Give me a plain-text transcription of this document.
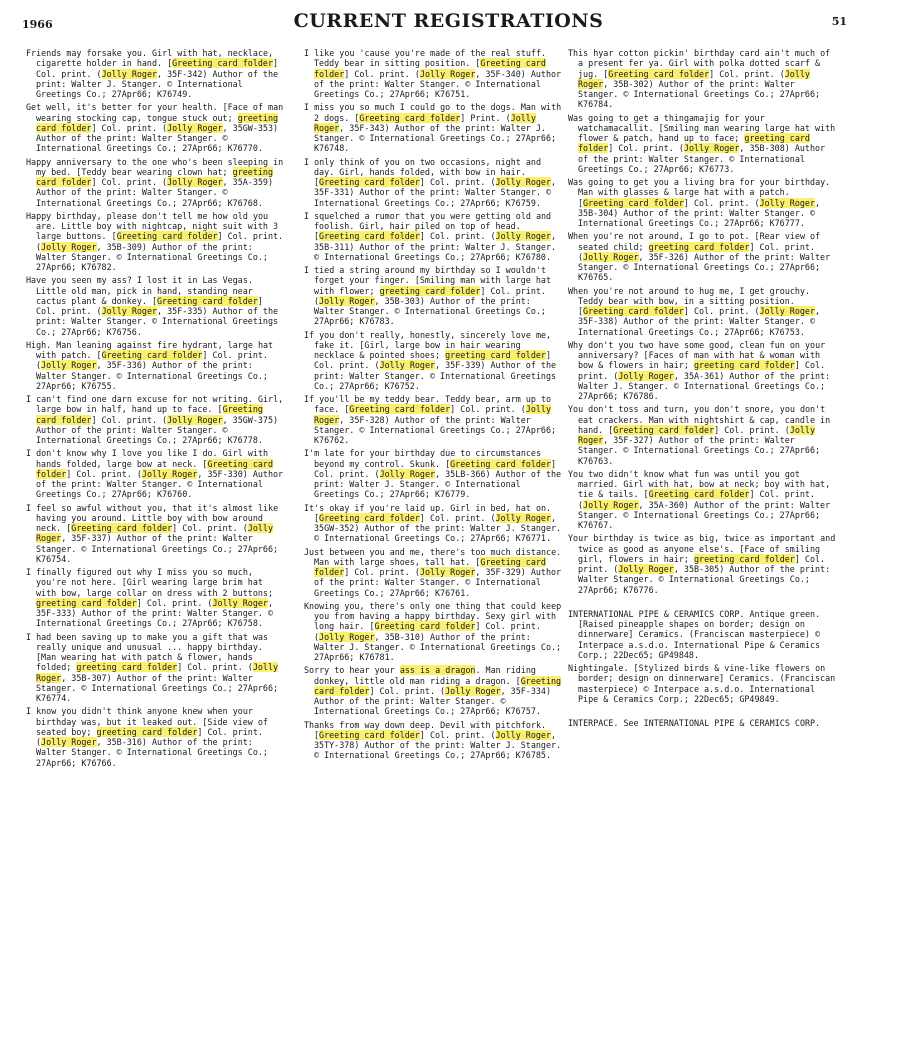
1966	CURRENT REGISTRATIONS	51

Friends may forsake you. Girl with hat, necklace, cigarette holder in hand. [Greeting card folder] Col. print. (Jolly Roger, 35F-342) Author of the print: Walter J. Stanger. © International Greetings Co.; 27Apr66; K76749.

Get well, it's better for your health. [Face of man wearing stocking cap, tongue stuck out; greeting card folder] Col. print. (Jolly Roger, 35GW-353) Author of the print: Walter Stanger. © International Greetings Co.; 27Apr66; K76770.

Happy anniversary to the one who's been sleeping in my bed. [Teddy bear wearing clown hat; greeting card folder] Col. print. (Jolly Roger, 35A-359) Author of the print: Walter Stanger. © International Greetings Co.; 27Apr66; K76768.

Happy birthday, please don't tell me how old you are. Little boy with nightcap, night suit with 3 large buttons. [Greeting card folder] Col. print. (Jolly Roger, 35B-309) Author of the print: Walter Stanger. © International Greetings Co.; 27Apr66; K76782.

Have you seen my ass? I lost it in Las Vegas. Little old man, pick in hand, standing near cactus plant & donkey. [Greeting card folder] Col. print. (Jolly Roger, 35F-335) Author of the print: Walter Stanger. © International Greetings Co.; 27Apr66; K76756.

High. Man leaning against fire hydrant, large hat with patch. [Greeting card folder] Col. print. (Jolly Roger, 35F-336) Author of the print: Walter Stanger. © International Greetings Co.; 27Apr66; K76755.

I can't find one darn excuse for not writing. Girl, large bow in half, hand up to face. [Greeting card folder] Col. print. (Jolly Roger, 35GW-375) Author of the print: Walter Stanger. © International Greetings Co.; 27Apr66; K76778.

I don't know why I love you like I do. Girl with hands folded, large bow at neck. [Greeting card folder] Col. print. (Jolly Roger, 35F-330) Author of the print: Walter Stanger. © International Greetings Co.; 27Apr66; K76760.

I feel so awful without you, that it's almost like having you around. Little boy with bow around neck. [Greeting card folder] Col. print. (Jolly Roger, 35F-337) Author of the print: Walter Stanger. © International Greetings Co.; 27Apr66; K76754.

I finally figured out why I miss you so much, you're not here. [Girl wearing large brim hat with bow, large collar on dress with 2 buttons; greeting card folder] Col. print. (Jolly Roger, 35F-333) Author of the print: Walter Stanger. © International Greetings Co.; 27Apr66; K76758.

I had been saving up to make you a gift that was really unique and unusual ... happy birthday. [Man wearing hat with patch & flower, hands folded; greeting card folder] Col. print. (Jolly Roger, 35B-307) Author of the print: Walter Stanger. © International Greetings Co.; 27Apr66; K76774.

I know you didn't think anyone knew when your birthday was, but it leaked out. [Side view of seated boy; greeting card folder] Col. print. (Jolly Roger, 35B-316) Author of the print: Walter Stanger. © International Greetings Co.; 27Apr66; K76766.

I like you 'cause you're made of the real stuff. Teddy bear in sitting position. [Greeting card folder] Col. print. (Jolly Roger, 35F-340) Author of the print: Walter Stanger. © International Greetings Co.; 27Apr66; K76751.

I miss you so much I could go to the dogs. Man with 2 dogs. [Greeting card folder] Print. (Jolly Roger, 35F-343) Author of the print: Walter J. Stanger. © International Greetings Co.; 27Apr66; K76748.

I only think of you on two occasions, night and day. Girl, hands folded, with bow in hair. [Greeting card folder] Col. print. (Jolly Roger, 35F-331) Author of the print: Walter Stanger. © International Greetings Co.; 27Apr66; K76759.

I squelched a rumor that you were getting old and foolish. Girl, hair piled on top of head. [Greeting card folder] Col. print. (Jolly Roger, 35B-311) Author of the print: Walter J. Stanger. © International Greetings Co.; 27Apr66; K76780.

I tied a string around my birthday so I wouldn't forget your finger. [Smiling man with large hat with flower; greeting card folder] Col. print. (Jolly Roger, 35B-303) Author of the print: Walter Stanger. © International Greetings Co.; 27Apr66; K76783.

If you don't really, honestly, sincerely love me, fake it. [Girl, large bow in hair wearing necklace & pointed shoes; greeting card folder] Col. print. (Jolly Roger, 35F-339) Author of the print: Walter Stanger. © International Greetings Co.; 27Apr66; K76752.

If you'll be my teddy bear. Teddy bear, arm up to face. [Greeting card folder] Col. print. (Jolly Roger, 35F-328) Author of the print: Walter Stanger. © International Greetings Co.; 27Apr66; K76762.

I'm late for your birthday due to circumstances beyond my control. Skunk. [Greeting card folder] Col. print. (Jolly Roger, 35LB-366) Author of the print: Walter J. Stanger. © International Greetings Co.; 27Apr66; K76779.

It's okay if you're laid up. Girl in bed, hat on. [Greeting card folder] Col. print. (Jolly Roger, 35GW-352) Author of the print: Walter J. Stanger. © International Greetings Co.; 27Apr66; K76771.

Just between you and me, there's too much distance. Man with large shoes, tall hat. [Greeting card folder] Col. print. (Jolly Roger, 35F-329) Author of the print: Walter Stanger. © International Greetings Co.; 27Apr66; K76761.

Knowing you, there's only one thing that could keep you from having a happy birthday. Sexy girl with long hair. [Greeting card folder] Col. print. (Jolly Roger, 35B-310) Author of the print: Walter J. Stanger. © International Greetings Co.; 27Apr66; K76781.

Sorry to hear your ass is a dragon. Man riding donkey, little old man riding a dragon. [Greeting card folder] Col. print. (Jolly Roger, 35F-334) Author of the print: Walter Stanger. © International Greetings Co.; 27Apr66; K76757.

Thanks from way down deep. Devil with pitchfork. [Greeting card folder] Col. print. (Jolly Roger, 35TY-378) Author of the print: Walter J. Stanger. © International Greetings Co.; 27Apr66; K76785.

This hyar cotton pickin' birthday card ain't much of a present fer ya. Girl with polka dotted scarf & jug. [Greeting card folder] Col. print. (Jolly Roger, 35B-302) Author of the print: Walter Stanger. © International Greetings Co.; 27Apr66; K76784.

Was going to get a thingamajig for your watchamacallit. [Smiling man wearing large hat with flower & patch, hand up to face; greeting card folder] Col. print. (Jolly Roger, 35B-308) Author of the print: Walter Stanger. © International Greetings Co.; 27Apr66; K76773.

Was going to get you a living bra for your birthday. Man with glasses & large hat with a patch. [Greeting card folder] Col. print. (Jolly Roger, 35B-304) Author of the print: Walter Stanger. © International Greetings Co.; 27Apr66; K76777.

When you're not around, I go to pot. [Rear view of seated child; greeting card folder] Col. print. (Jolly Roger, 35F-326) Author of the print: Walter Stanger. © International Greetings Co.; 27Apr66; K76765.

When you're not around to hug me, I get grouchy. Teddy bear with bow, in a sitting position. [Greeting card folder] Col. print. (Jolly Roger, 35F-338) Author of the print: Walter Stanger. © International Greetings Co.; 27Apr66; K76753.

Why don't you two have some good, clean fun on your anniversary? [Faces of man with hat & woman with bow & flowers in hair; greeting card folder] Col. print. (Jolly Roger, 35A-361) Author of the print: Walter J. Stanger. © International Greetings Co.; 27Apr66; K76786.

You don't toss and turn, you don't snore, you don't eat crackers. Man with nightshirt & cap, candle in hand. [Greeting card folder] Col. print. (Jolly Roger, 35F-327) Author of the print: Walter Stanger. © International Greetings Co.; 27Apr66; K76763.

You two didn't know what fun was until you got married. Girl with hat, bow at neck; boy with hat, tie & tails. [Greeting card folder] Col. print. (Jolly Roger, 35A-360) Author of the print: Walter Stanger. © International Greetings Co.; 27Apr66; K76767.

Your birthday is twice as big, twice as important and twice as good as anyone else's. [Face of smiling girl, flowers in hair; greeting card folder] Col. print. (Jolly Roger, 35B-305) Author of the print: Walter Stanger. © International Greetings Co.; 27Apr66; K76776.

INTERNATIONAL PIPE & CERAMICS CORP. Antique green. [Raised pineapple shapes on border; design on dinnerware] Ceramics. (Franciscan masterpiece) © Interpace a.s.d.o. International Pipe & Ceramics Corp.; 22Dec65; GP49848.

Nightingale. [Stylized birds & vine-like flowers on border; design on dinnerware] Ceramics. (Franciscan masterpiece) © Interpace a.s.d.o. International Pipe & Ceramics Corp.; 22Dec65; GP49849.

INTERPACE. See INTERNATIONAL PIPE & CERAMICS CORP.
